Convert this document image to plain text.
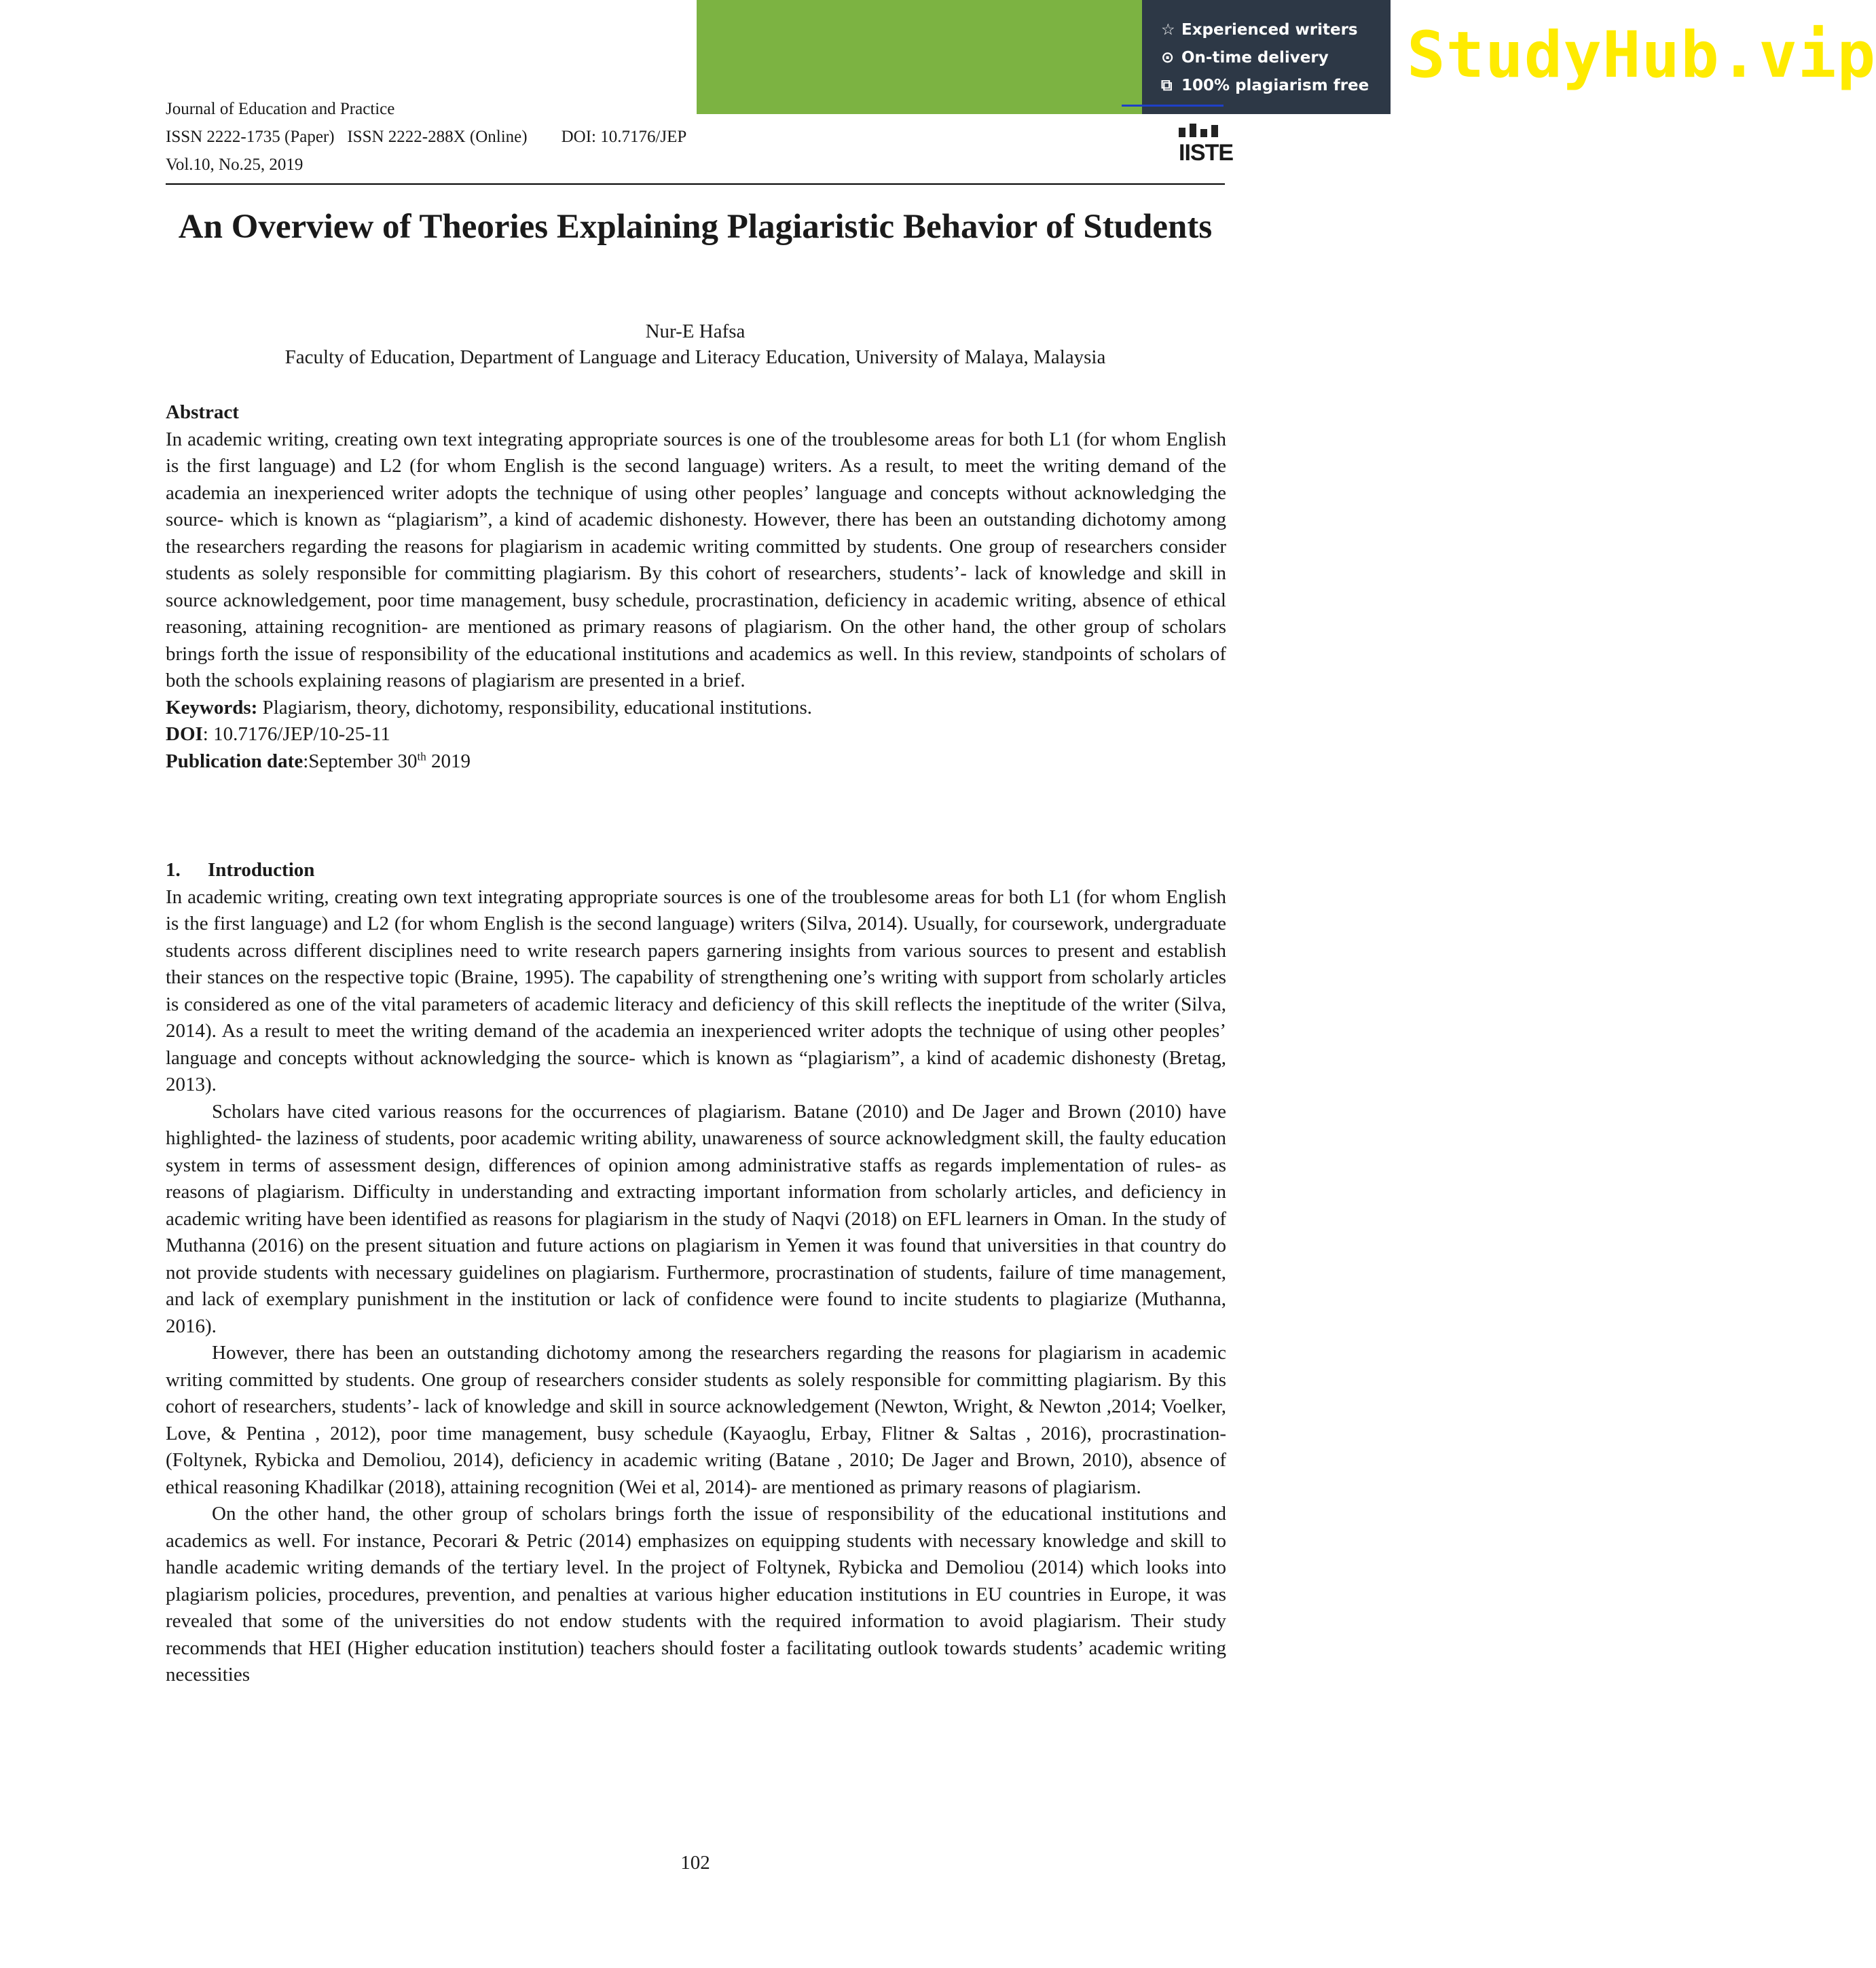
StudyHub.vip
☆ Experienced writers
⊙ On-time delivery
⧉ 100% plagiarism free
Journal of Education and Practice
ISSN 2222-1735 (Paper)   ISSN 2222-288X (Online)        DOI: 10.7176/JEP
Vol.10, No.25, 2019	IISTE
An Overview of Theories Explaining Plagiaristic Behavior of Students
Nur-E Hafsa
Faculty of Education, Department of Language and Literacy Education, University of Malaya, Malaysia

Abstract

In academic writing, creating own text integrating appropriate sources is one of the troublesome areas for both L1 (for whom English is the first language) and L2 (for whom English is the second language) writers. As a result, to meet the writing demand of the academia an inexperienced writer adopts the technique of using other peoples’ language and concepts without acknowledging the source- which is known as “plagiarism”, a kind of academic dishonesty. However, there has been an outstanding dichotomy among the researchers regarding the reasons for plagiarism in academic writing committed by students. One group of researchers consider students as solely responsible for committing plagiarism. By this cohort of researchers, students’- lack of knowledge and skill in source acknowledgement, poor time management, busy schedule, procrastination, deficiency in academic writing, absence of ethical reasoning, attaining recognition- are mentioned as primary reasons of plagiarism. On the other hand, the other group of scholars brings forth the issue of responsibility of the educational institutions and academics as well. In this review, standpoints of scholars of both the schools explaining reasons of plagiarism are presented in a brief.

Keywords: Plagiarism, theory, dichotomy, responsibility, educational institutions.

DOI: 10.7176/JEP/10-25-11

Publication date:September 30th 2019

1. Introduction

In academic writing, creating own text integrating appropriate sources is one of the troublesome areas for both L1 (for whom English is the first language) and L2 (for whom English is the second language) writers (Silva, 2014). Usually, for coursework, undergraduate students across different disciplines need to write research papers garnering insights from various sources to present and establish their stances on the respective topic (Braine, 1995). The capability of strengthening one’s writing with support from scholarly articles is considered as one of the vital parameters of academic literacy and deficiency of this skill reflects the ineptitude of the writer (Silva, 2014). As a result to meet the writing demand of the academia an inexperienced writer adopts the technique of using other peoples’ language and concepts without acknowledging the source- which is known as “plagiarism”, a kind of academic dishonesty (Bretag, 2013).

Scholars have cited various reasons for the occurrences of plagiarism. Batane (2010) and De Jager and Brown (2010) have highlighted- the laziness of students, poor academic writing ability, unawareness of source acknowledgment skill, the faulty education system in terms of assessment design, differences of opinion among administrative staffs as regards implementation of rules- as reasons of plagiarism. Difficulty in understanding and extracting important information from scholarly articles, and deficiency in academic writing have been identified as reasons for plagiarism in the study of Naqvi (2018) on EFL learners in Oman. In the study of Muthanna (2016) on the present situation and future actions on plagiarism in Yemen it was found that universities in that country do not provide students with necessary guidelines on plagiarism. Furthermore, procrastination of students, failure of time management, and lack of exemplary punishment in the institution or lack of confidence were found to incite students to plagiarize (Muthanna, 2016).

However, there has been an outstanding dichotomy among the researchers regarding the reasons for plagiarism in academic writing committed by students. One group of researchers consider students as solely responsible for committing plagiarism. By this cohort of researchers, students’- lack of knowledge and skill in source acknowledgement (Newton, Wright, & Newton ,2014; Voelker, Love, & Pentina , 2012), poor time management, busy schedule (Kayaoglu, Erbay, Flitner & Saltas , 2016), procrastination- (Foltynek, Rybicka and Demoliou, 2014), deficiency in academic writing (Batane , 2010; De Jager and Brown, 2010), absence of ethical reasoning Khadilkar (2018), attaining recognition (Wei et al, 2014)- are mentioned as primary reasons of plagiarism.

On the other hand, the other group of scholars brings forth the issue of responsibility of the educational institutions and academics as well. For instance, Pecorari & Petric (2014) emphasizes on equipping students with necessary knowledge and skill to handle academic writing demands of the tertiary level. In the project of Foltynek, Rybicka and Demoliou (2014) which looks into plagiarism policies, procedures, prevention, and penalties at various higher education institutions in EU countries in Europe, it was revealed that some of the universities do not endow students with the required information to avoid plagiarism. Their study recommends that HEI (Higher education institution) teachers should foster a facilitating outlook towards students’ academic writing necessities

102
